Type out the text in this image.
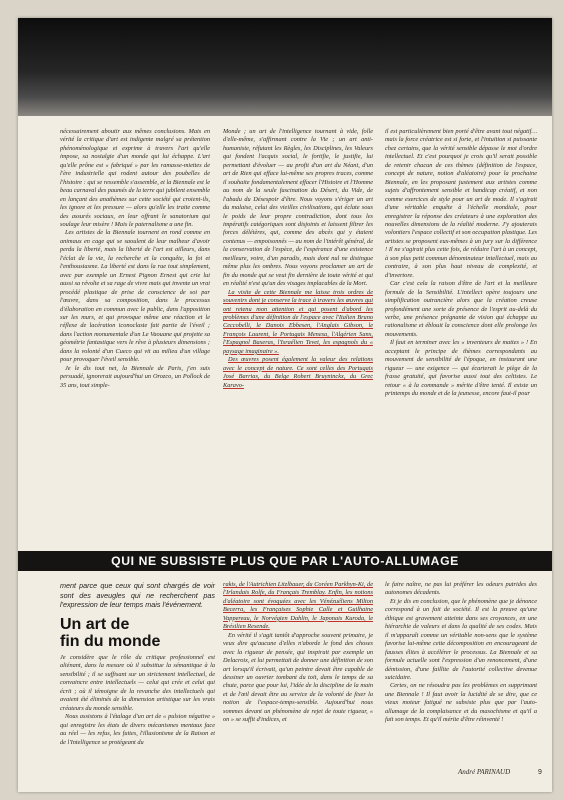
nécessairement aboutir aux mêmes conclusions. Mais en vérité la critique d'art est indigente malgré sa prétention phénoménologique et exprime à travers l'art qu'elle impose, sa nostalgie d'un monde qui lui échappe. L'art qu'elle prône est « fabriqué » par les ramasse-miettes de l'ère industrielle qui rodent autour des poubelles de l'histoire : qui se ressemble s'assemble, et la Biennale est le beau carnaval des paumés de la terre qui jubilent ensemble en lançant des anathèmes sur cette société qui croient-ils, les ignore et les pressure — alors qu'elle les traite comme des assurés sociaux, en leur offrant le sanatorium qui soulage leur misère ! Mais le paternalisme a une fin.

Les artistes de la Biennale tournent en rond comme en animaux en cage qui se saoulent de leur malheur d'avoir perdu la liberté, mais la liberté de l'art est ailleurs, dans l'éclat de la vie, la recherche et la conquête, la foi et l'enthousiasme. La liberté est dans la rue tout simplement, avec par exemple un Ernest Pignon Ernest qui crie lui aussi sa révolte et sa rage de vivre mais qui invente un vrai procédé plastique de prise de conscience de soi par l'œuvre, dans sa composition, dans le processus d'élaboration en commun avec le public, dans l'apposition sur les murs, et qui provoque même une réaction et le réflexe de lacération iconoclaste fait partie de l'éveil ; dans l'action monumentale d'un Le Vaouane qui projette sa géométrie fantastique vers le rêve à plusieurs dimensions ; dans la volonté d'un Cueco qui vit au milieu d'un village pour provoquer l'éveil sensible.

Je le dis tout net, la Biennale de Paris, j'en suis persuadé, ignorerait aujourd'hui un Orozco, un Pollock de 35 ans, tout simple-

Monde ; un art de l'intelligence tournant à vide, folle d'elle-même, s'affirmant contre la Vie ; un art anti-humaniste, réfutant les Règles, les Disciplines, les Valeurs qui fondent l'acquis social, le fortifie, le justifie, lui permettant d'évoluer — au profit d'un art du Néant, d'un art de Rien qui efface lui-même ses propres traces, comme il souhaite fondamentalement effacer l'Histoire et l'Homme au nom de la seule fascination du Désert, du Vide, de l'abadu du Désespoir d'être. Nous voyons s'ériger un art du malaise, celui des vieilles civilisations, qui éclate sous le poids de leur propre contradiction, dont tous les impératifs catégoriques sont disjoints et laissent filtrer les forces délétères, qui, comme des abcès qui y étaient contenus — empoisonnés — au nom de l'intérêt général, de la conservation de l'espèce, de l'espérance d'une existence meilleure, voire, d'un paradis, mais dont nul ne distingue même plus les ombres. Nous voyons proclamer un art de fin du monde qui se veut fin dernière de toute vérité et qui en réalité n'est qu'un des visages implacables de la Mort.

La visite de cette Biennale me laisse trois ordres de souvenirs dont je conserve la trace à travers les œuvres qui ont retenu mon attention et qui posent d'abord les problèmes d'une définition de l'espace avec l'Italien Bruno Ceccobelli, le Danois Ebbesen, l'Anglais Gibson, le François Laurent, le Portugais Menesa, l'Algérien Sanx, l'Espagnol Baxeras, l'Israélien Tevet, les espagnols du « paysage imaginaire ».

Des œuvres posent également la valeur des relations avec le concept de nature. Ce sont celles des Portugais José Barrias, du Belge Robert Bruyninckx, du Grec Karavo-

il est particulièrement bien porté d'être avant tout négatif… mais la force créatrice est si forte, et l'intuition si puissante chez certains, que la vérité sensible dépasse le mot d'ordre intellectuel. Et c'est pourquoi je crois qu'il serait possible de retenir chacun de ces thèmes (définition de l'espace, concept de nature, notion d'aléatoire) pour la prochaine Biennale, en les proposant justement aux artistes comme sujets d'affrontement sensible et handicap créatif, et non comme exercices de style pour un art de mode. Il s'agirait d'une véritable enquête à l'échelle mondiale, pour enregistrer la réponse des créateurs à une exploration des nouvelles dimensions de la réalité moderne. J'y ajouterais volontiers l'espace collectif et son occupation plastique. Les artistes se proposent eux-mêmes à un jury sur la différence ! Il ne s'agirait plus cette fois, de réduire l'art à un concept, à son plus petit commun dénominateur intellectuel, mais au contraire, à son plus haut niveau de complexité, et d'invertore.

Car c'est cela la raison d'être de l'art et la meilleure formule de la Sensibilité. L'intellect opère toujours une simplification outrancière alors que la création creuse profondément une sorte de présence de l'esprit au-delà du verbe, une présence prégnante de vision qui échappe au rationalisme et éblouit la conscience dont elle prolonge les mouvements.

Il faut en terminer avec les « inventeurs de mattes » ! En acceptant le principe de thèmes correspondants au mouvement de sensibilité de l'époque, en instaurant une rigueur — une exigence — qui écarterait le piège de la frasse gratuité, qui favorise aussi tout des celtistes. Le retour « à la commande » mérite d'être tenté. Il existe un printemps du monde et de la jeunesse, encore faut-il pour

QUI NE SUBSISTE PLUS QUE PAR L'AUTO-ALLUMAGE
ment parce que ceux qui sont chargés de voir sont des aveugles qui ne recherchent pas l'expression de leur temps mais l'événement.
Un art de
fin du monde

Je considère que le rôle du critique professionnel est aliénant, dans la mesure où il substitue la sémantique à la sensibilité ; il se suffisant sur un strictement intellectuel, de convaincre entre intellectuels — celui qui crée et celui qui écrit ; où il témoigne de la revanche des intellectuels qui avaient été éliminés de la dimension artistique sur les vrais créateurs du monde sensible.

Nous assistons à l'étalage d'un art de « pulsion négative » qui enregistre les états de divers mécanismes mentaux face au réel — les refus, les fuites, l'illusionisme de la Raison et de l'Intelligence se protégeant du

rakis, de l'Autrichien Litzlbauer, du Coréen Parkhyn-Ki, de l'Irlandais Rolfe, du Français Tremblay. Enfin, les notions d'aléatoire sont évoquées avec les Vénézuéliens Milton Becerra, les Françaises Sophie Calle et Guilhaine Vappereau, le Norvégien Dahlin, le Japonais Kuroda, le Brésilien Resende.

En vérité il s'agit tantôt d'approche souvent primaire, je veux dire qu'aucune d'elles n'aborde le fond des choses avec la rigueur de pensée, qui inspirait par exemple un Delacroix, et lui permettait de donner une définition de son art lorsqu'il écrivait, qu'un peintre devait être capable de dessiner un ouvrier tombant du toit, dans le temps de sa chute, parce que pour lui, l'idée de la discipline de la main et de l'œil devait être au service de la volonté de fixer la notion de l'espace-temps-sensible. Aujourd'hui nous sommes devant un phénomène de rejet de toute rigueur, « on » se suffit d'indices, et

le faire naître, ne pas lui préférer les odeurs putrides des autonomes décadents.

Et je dis en conclusion, que le phénomène que je dénonce correspond à un fait de société. Il est la preuve qu'une éthique est gravement atteinte dans ses croyances, en une hiérarchie de valeurs et dans la qualité de ses codes. Mais il m'apparaît comme un véritable non-sens que le système favorise lui-même cette décomposition en encourageant de fausses élites à accélérer le processus. La Biennale et sa formule actuelle sont l'expression d'un renoncement, d'une démission, d'une faillite de l'autorité collective devenue suicidaire.

Certes, on ne résoudra pas les problèmes en supprimant une Biennale ! Il faut avoir la lucidité de se dire, que ce vieux moteur fatigué ne subsiste plus que par l'auto-allumage de la complaisance et du masochisme et qu'il a fait son temps. Et qu'il mérite d'être réinventé !

André PARINAUD	9
